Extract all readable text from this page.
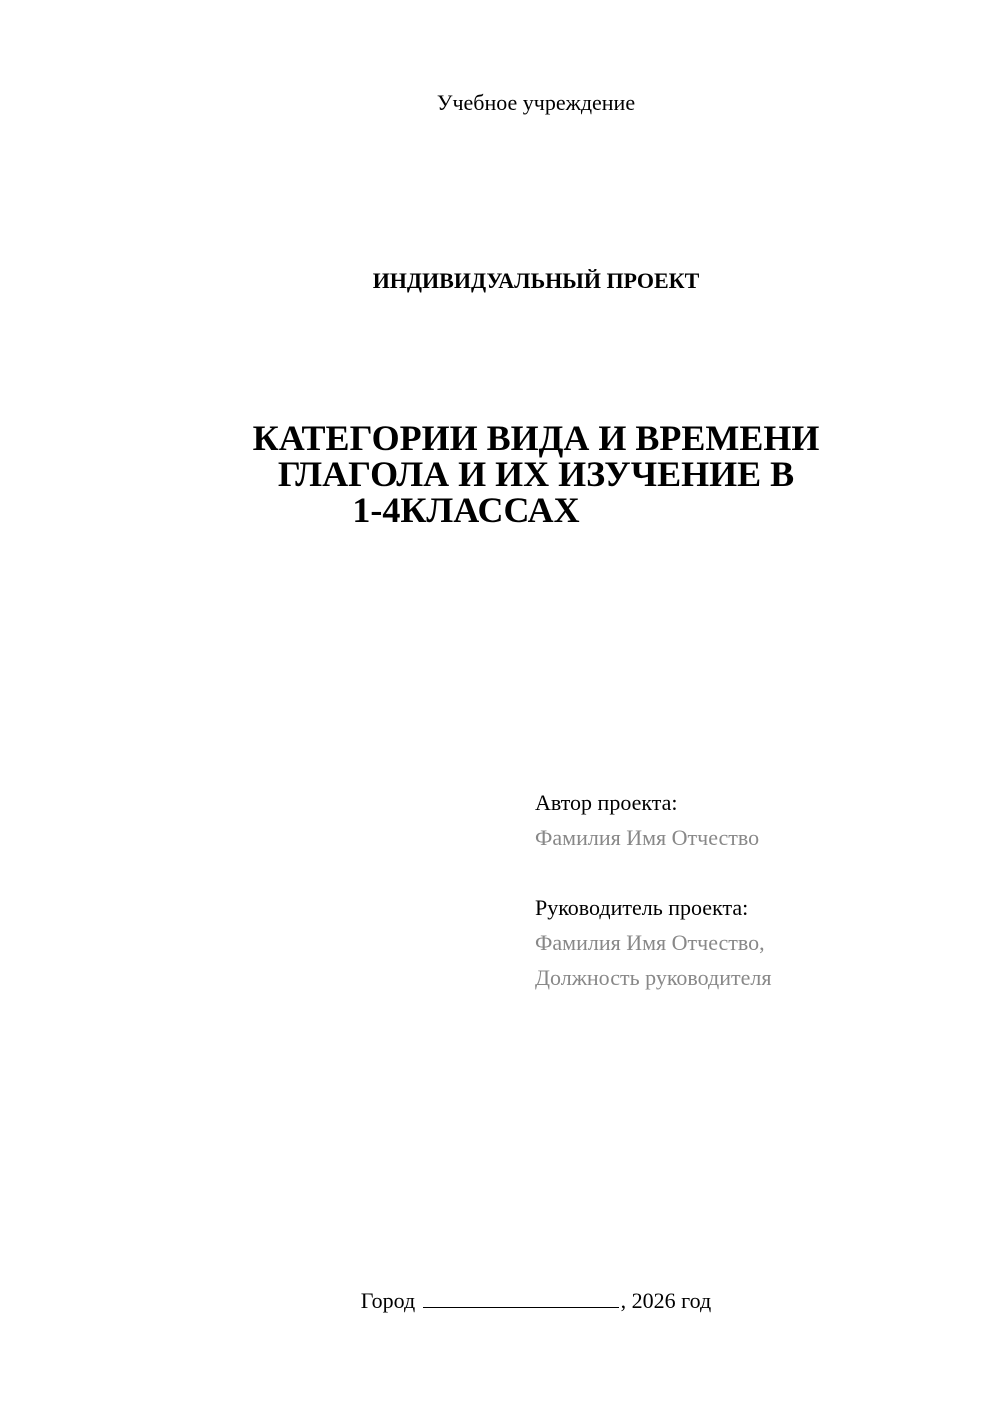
Учебное учреждение
ИНДИВИДУАЛЬНЫЙ ПРОЕКТ
КАТЕГОРИИ ВИДА И ВРЕМЕНИ
ГЛАГОЛА И ИХ ИЗУЧЕНИЕ В
1-4КЛАССАХ
Автор проекта:
Фамилия Имя Отчество
Руководитель проекта:
Фамилия Имя Отчество,
Должность руководителя
Город	, 2026 год
